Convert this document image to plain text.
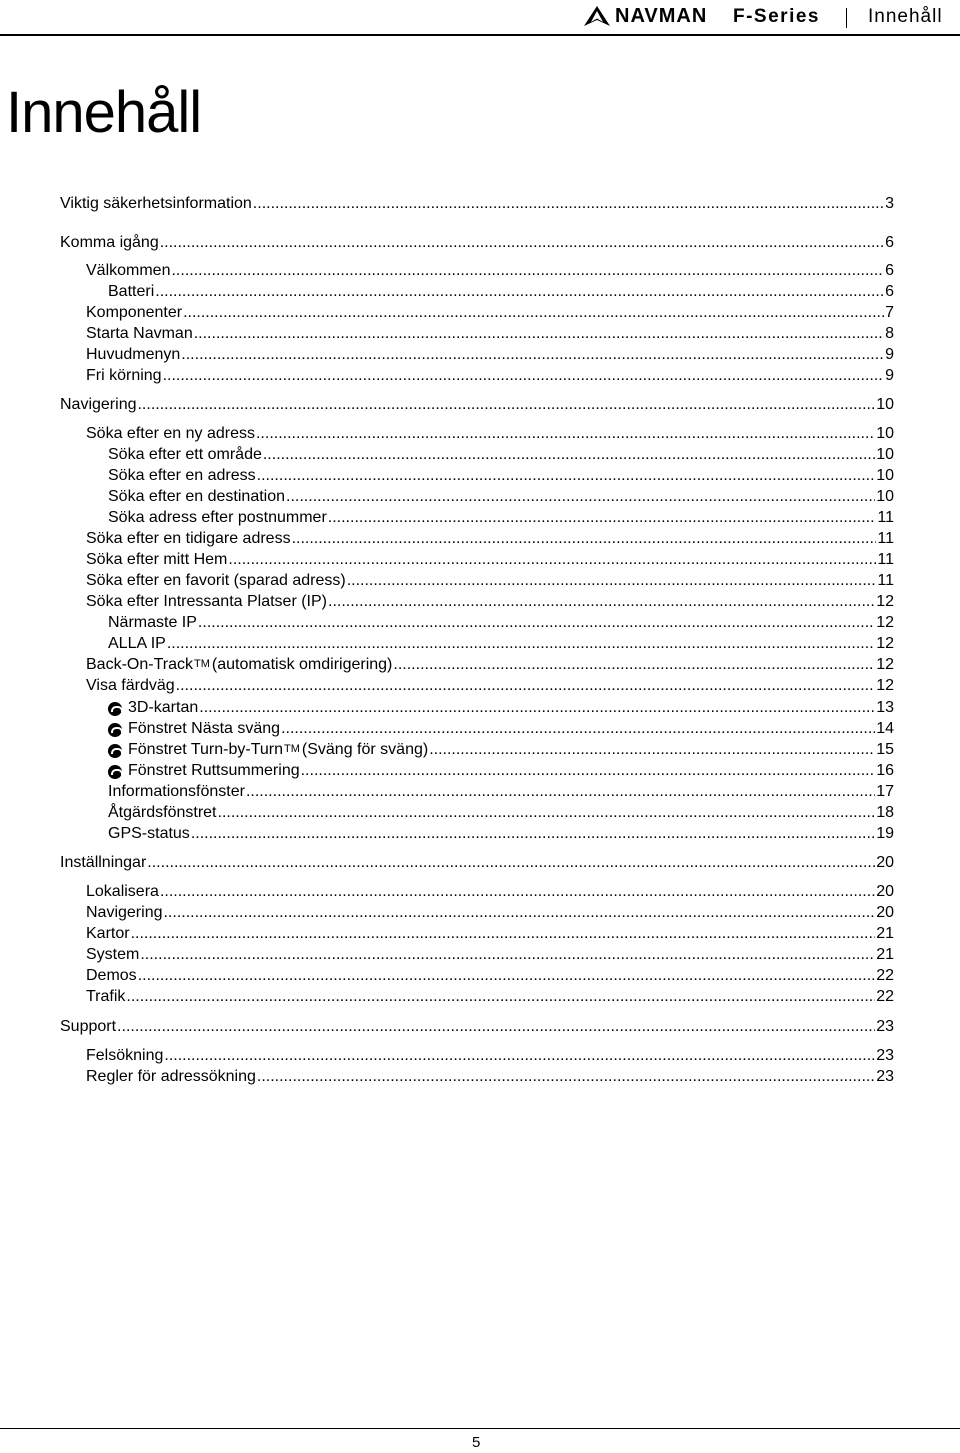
NAVMAN F-Series	Innehåll
Innehåll
Viktig säkerhetsinformation .....	3
Komma igång .....	6
Välkommen .....	6
Batteri .....	6
Komponenter .....	7
Starta Navman .....	8
Huvudmenyn .....	9
Fri körning .....	9
Navigering .....	10
Söka efter en ny adress .....	10
Söka efter ett område .....	10
Söka efter en adress .....	10
Söka efter en destination .....	10
Söka adress efter postnummer .....	11
Söka efter en tidigare adress .....	11
Söka efter mitt Hem .....	11
Söka efter en favorit (sparad adress) .....	11
Söka efter Intressanta Platser (IP) .....	12
Närmaste IP .....	12
ALLA IP .....	12
Back-On-Track TM (automatisk omdirigering) .....	12
Visa färdväg .....	12
3D-kartan .....	13
Fönstret Nästa sväng .....	14
Fönstret Turn-by-Turn TM (Sväng för sväng) .....	15
Fönstret Ruttsummering .....	16
Informationsfönster .....	17
Åtgärdsfönstret .....	18
GPS-status .....	19
Inställningar .....	20
Lokalisera .....	20
Navigering .....	20
Kartor .....	21
System .....	21
Demos .....	22
Trafik .....	22
Support .....	23
Felsökning .....	23
Regler för adressökning .....	23
5
